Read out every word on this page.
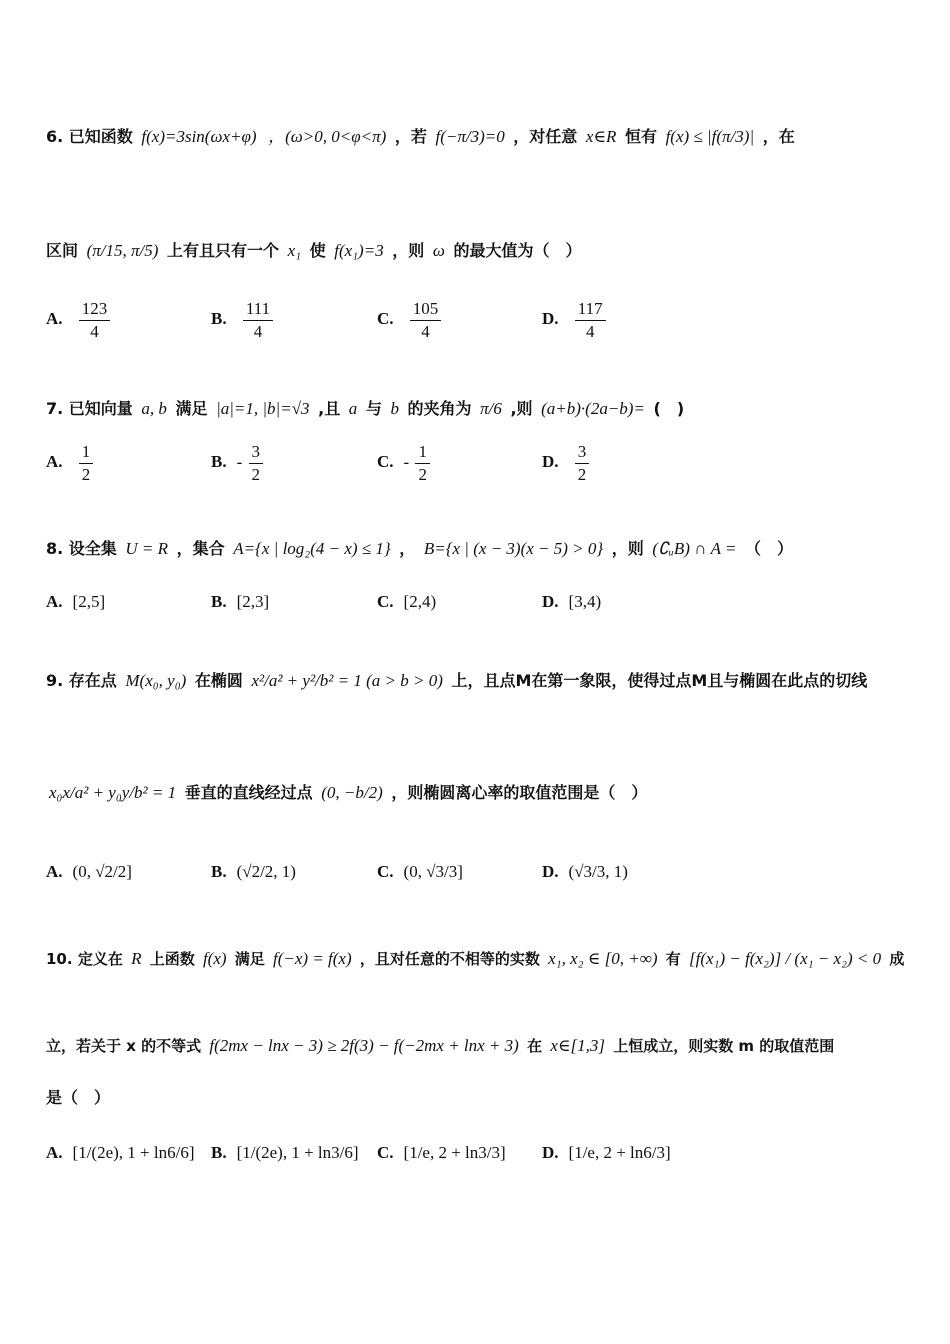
6. 已知函数 f(x)=3sin(ωx+φ) ，(ω>0, 0<φ<π) ，若 f(−π/3)=0 ，对任意 x∈R 恒有 f(x) ≤ |f(π/3)| ，在
区间 (π/15, π/5) 上有且只有一个 x₁ 使 f(x₁)=3 ，则 ω 的最大值为（　）
A. $\frac{123}{4}$	B. $\frac{111}{4}$	C. $\frac{105}{4}$	D. $\frac{117}{4}$
7. 已知向量 a, b 满足 |a|=1, |b|=√3 ,且 a 与 b 的夹角为 π/6 ,则 (a+b)·(2a−b)= (　)
A. $\frac{1}{2}$	B. - $\frac{3}{2}$	C. - $\frac{1}{2}$	D. $\frac{3}{2}$
8. 设全集 U = R ，集合 A={x | log₂(4 − x) ≤ 1} ， B={x | (x − 3)(x − 5) > 0} ，则 (∁ᵤB) ∩ A = （　）
A. [2,5]	B. [2,3]	C. [2,4)	D. [3,4)
9. 存在点 M(x₀, y₀) 在椭圆 x²/a² + y²/b² = 1 (a > b > 0) 上，且点M在第一象限，使得过点M且与椭圆在此点的切线
x₀x/a² + y₀y/b² = 1 垂直的直线经过点 (0, −b/2) ，则椭圆离心率的取值范围是（　）
A. (0, √2/2]	B. (√2/2, 1)	C. (0, √3/3]	D. (√3/3, 1)
10. 定义在 R 上函数 f(x) 满足 f(−x) = f(x) ，且对任意的不相等的实数 x₁, x₂ ∈ [0, +∞) 有 [f(x₁) − f(x₂)] / (x₁ − x₂) < 0 成
立，若关于 x 的不等式 f(2mx − lnx − 3) ≥ 2f(3) − f(−2mx + lnx + 3) 在 x∈[1,3] 上恒成立，则实数 m 的取值范围
是（　）
A. [1/(2e), 1 + ln6/6] B. [1/(2e), 1 + ln3/6] C. [1/e, 2 + ln3/3] D. [1/e, 2 + ln6/3]
